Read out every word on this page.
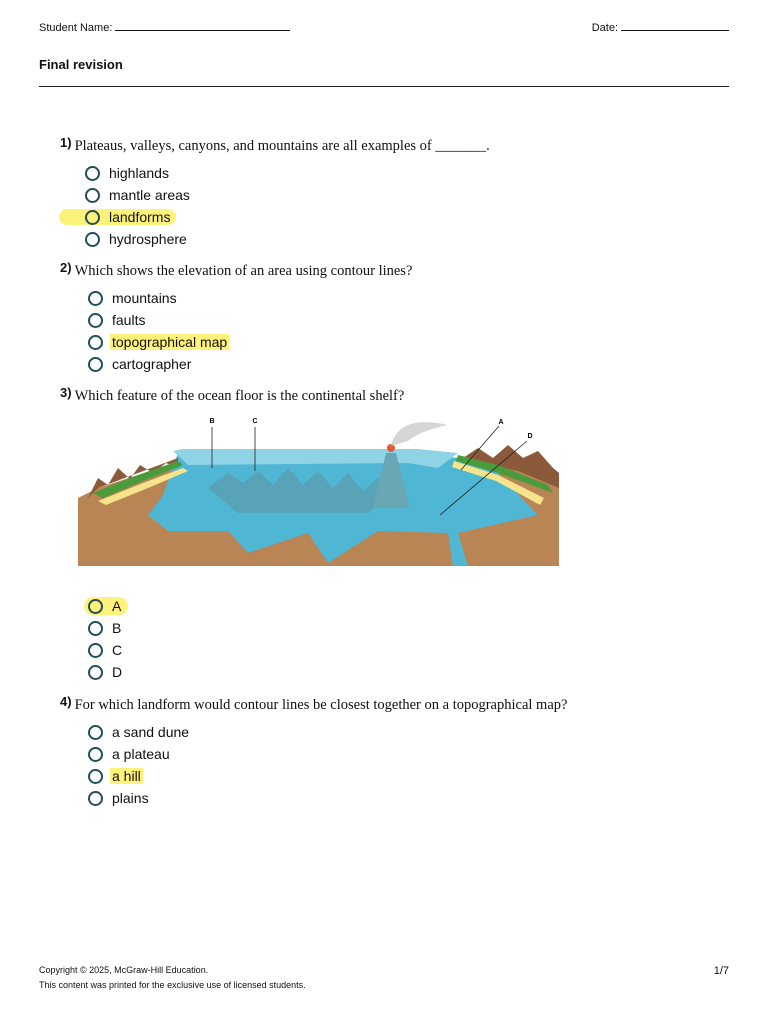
Student Name:	Date:
Final revision
1) Plateaus, valleys, canyons, and mountains are all examples of _______.
highlands
mantle areas
landforms
hydrosphere
2) Which shows the elevation of an area using contour lines?
mountains
faults
topographical map
cartographer
3) Which feature of the ocean floor is the continental shelf?
B	C	A
D
A
B
C
D
4) For which landform would contour lines be closest together on a topographical map?
a sand dune
a plateau
a hill
plains
Copyright © 2025, McGraw-Hill Education.
This content was printed for the exclusive use of licensed students.
1/7
